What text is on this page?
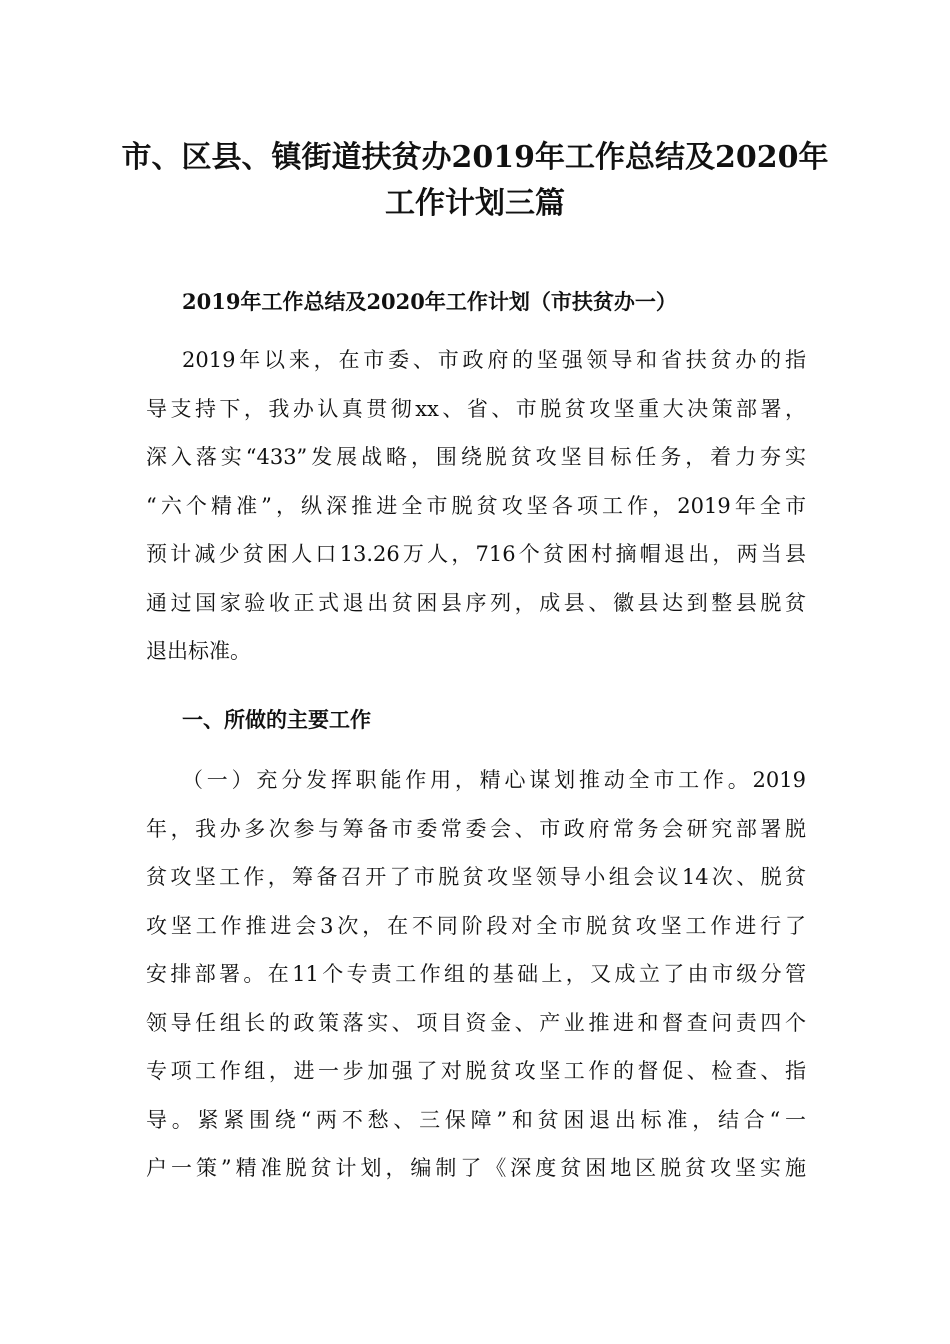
市、区县、镇街道扶贫办2019年工作总结及2020年
工作计划三篇
2019年工作总结及2020年工作计划（市扶贫办一）
2019年以来，在市委、市政府的坚强领导和省扶贫办的指
导支持下，我办认真贯彻xx、省、市脱贫攻坚重大决策部署，
深入落实“433”发展战略，围绕脱贫攻坚目标任务，着力夯实
“六个精准”，纵深推进全市脱贫攻坚各项工作，2019年全市
预计减少贫困人口13.26万人，716个贫困村摘帽退出，两当县
通过国家验收正式退出贫困县序列，成县、徽县达到整县脱贫
退出标准。
一、所做的主要工作
（一）充分发挥职能作用，精心谋划推动全市工作。2019
年，我办多次参与筹备市委常委会、市政府常务会研究部署脱
贫攻坚工作，筹备召开了市脱贫攻坚领导小组会议14次、脱贫
攻坚工作推进会3次，在不同阶段对全市脱贫攻坚工作进行了
安排部署。在11个专责工作组的基础上，又成立了由市级分管
领导任组长的政策落实、项目资金、产业推进和督查问责四个
专项工作组，进一步加强了对脱贫攻坚工作的督促、检查、指
导。紧紧围绕“两不愁、三保障”和贫困退出标准，结合“一
户一策”精准脱贫计划，编制了《深度贫困地区脱贫攻坚实施
